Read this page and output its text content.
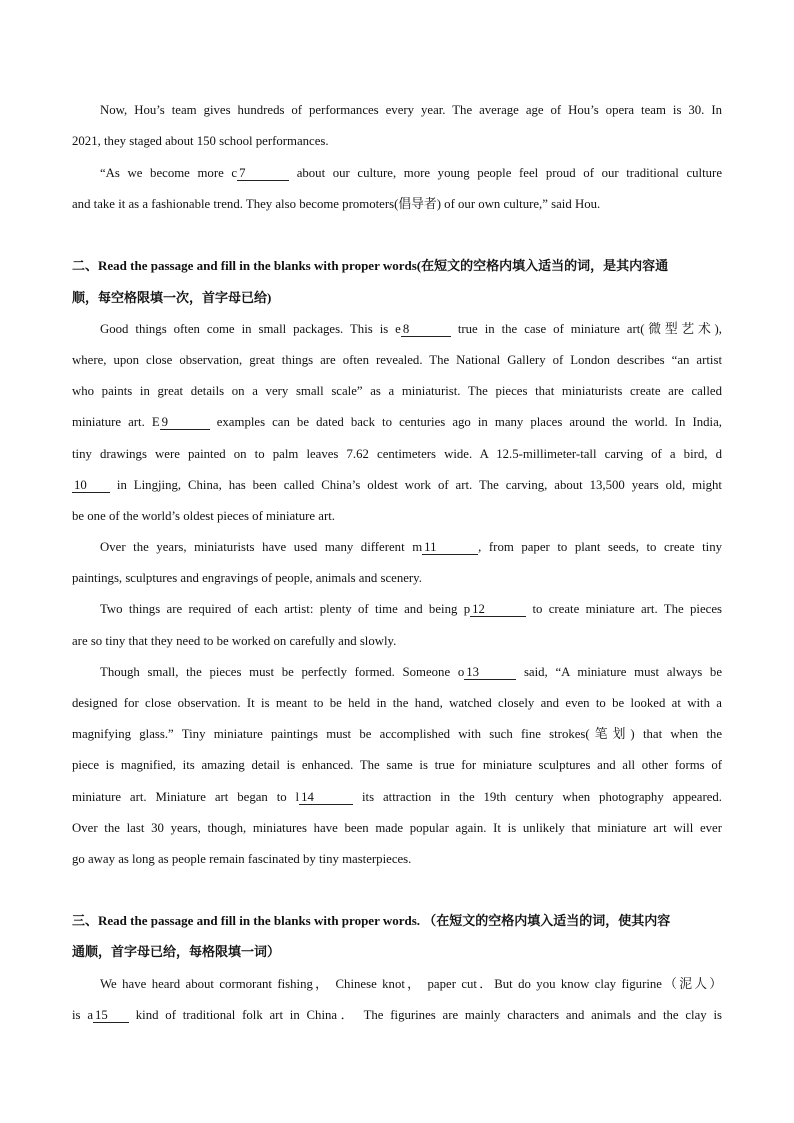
Now, Hou’s team gives hundreds of performances every year. The average age of Hou’s opera team is 30. In
2021, they staged about 150 school performances.
“As we become more c 7	about our culture, more young people feel proud of our traditional culture
and take it as a fashionable trend. They also become promoters(倡导者) of our own culture,” said Hou.
二、Read the passage and fill in the blanks with proper words(在短文的空格内填入适当的词，是其内容通
顺，每空格限填一次，首字母已给)
Good things often come in small packages. This is e 8	true in the case of miniature art(微型艺术),
where, upon close observation, great things are often revealed. The National Gallery of London describes “an artist
who paints in great details on a very small scale” as a miniaturist. The pieces that miniaturists create are called
miniature art. E 9	examples can be dated back to centuries ago in many places around the world. In India,
tiny drawings were painted on to palm leaves 7.62 centimeters wide. A 12.5-millimeter-tall carving of a bird, d
10 in Lingjing, China, has been called China’s oldest work of art. The carving, about 13,500 years old, might
be one of the world’s oldest pieces of miniature art.
Over the years, miniaturists have used many different m 11	, from paper to plant seeds, to create tiny
paintings, sculptures and engravings of people, animals and scenery.
Two things are required of each artist: plenty of time and being p 12	to create miniature art. The pieces
are so tiny that they need to be worked on carefully and slowly.
Though small, the pieces must be perfectly formed. Someone o 13	said, “A miniature must always be
designed for close observation. It is meant to be held in the hand, watched closely and even to be looked at with a
magnifying glass.” Tiny miniature paintings must be accomplished with such fine strokes(笔划) that when the
piece is magnified, its amazing detail is enhanced. The same is true for miniature sculptures and all other forms of
miniature art. Miniature art began to l 14	its attraction in the 19th century when photography appeared.
Over the last 30 years, though, miniatures have been made popular again. It is unlikely that miniature art will ever
go away as long as people remain fascinated by tiny masterpieces.
三、Read the passage and fill in the blanks with proper words. （在短文的空格内填入适当的词，使其内容
通顺，首字母已给，每格限填一词）
We have heard about cormorant fishing， Chinese knot， paper cut．But do you know clay figurine（泥人）
is a 15 kind of traditional folk art in China． The figurines are mainly characters and animals and the clay is
